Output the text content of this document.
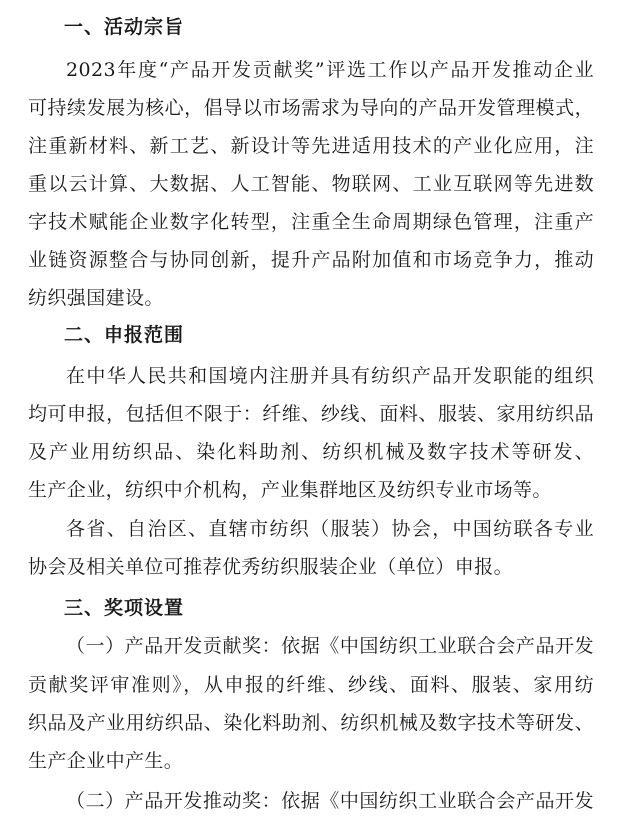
一、活动宗旨
2023年度“产品开发贡献奖”评选工作以产品开发推动企业
可持续发展为核心，倡导以市场需求为导向的产品开发管理模式，
注重新材料、新工艺、新设计等先进适用技术的产业化应用，注
重以云计算、大数据、人工智能、物联网、工业互联网等先进数
字技术赋能企业数字化转型，注重全生命周期绿色管理，注重产
业链资源整合与协同创新，提升产品附加值和市场竞争力，推动
纺织强国建设。
二、申报范围
在中华人民共和国境内注册并具有纺织产品开发职能的组织
均可申报，包括但不限于：纤维、纱线、面料、服装、家用纺织品
及产业用纺织品、染化料助剂、纺织机械及数字技术等研发、
生产企业，纺织中介机构，产业集群地区及纺织专业市场等。
各省、自治区、直辖市纺织（服装）协会，中国纺联各专业
协会及相关单位可推荐优秀纺织服装企业（单位）申报。
三、奖项设置
（一）产品开发贡献奖：依据《中国纺织工业联合会产品开发
贡献奖评审准则》，从申报的纤维、纱线、面料、服装、家用纺
织品及产业用纺织品、染化料助剂、纺织机械及数字技术等研发、
生产企业中产生。
（二）产品开发推动奖：依据《中国纺织工业联合会产品开发
